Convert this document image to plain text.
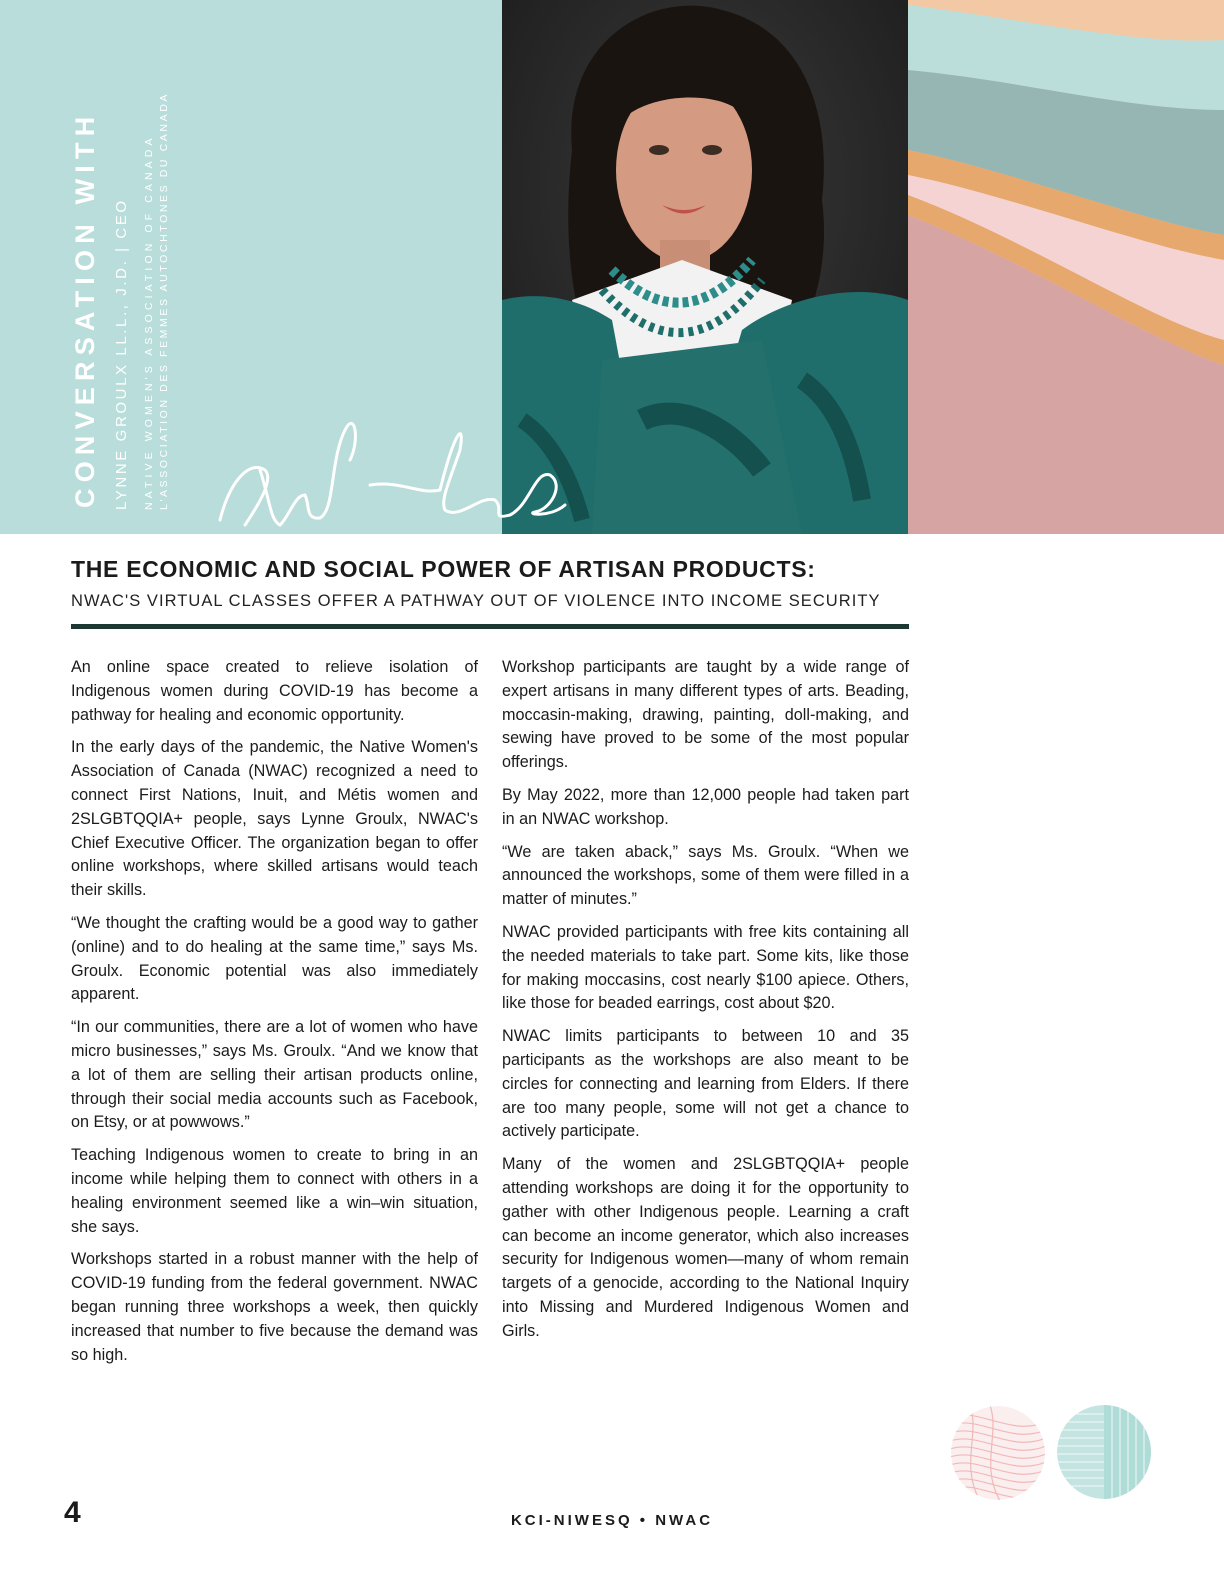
CONVERSATION WITH LYNNE GROULX LL.L., J.D. | CEO NATIVE WOMEN'S ASSOCIATION OF CANADA L'ASSOCIATION DES FEMMES AUTOCHTONES DU CANADA
THE ECONOMIC AND SOCIAL POWER OF ARTISAN PRODUCTS:
NWAC'S VIRTUAL CLASSES OFFER A PATHWAY OUT OF VIOLENCE INTO INCOME SECURITY

An online space created to relieve isolation of Indigenous women during COVID-19 has become a pathway for healing and economic opportunity.

In the early days of the pandemic, the Native Women's Association of Canada (NWAC) recognized a need to connect First Nations, Inuit, and Métis women and 2SLGBTQQIA+ people, says Lynne Groulx, NWAC's Chief Executive Officer. The organization began to offer online workshops, where skilled artisans would teach their skills.

“We thought the crafting would be a good way to gather (online) and to do healing at the same time,” says Ms. Groulx. Economic potential was also immediately apparent.

“In our communities, there are a lot of women who have micro businesses,” says Ms. Groulx. “And we know that a lot of them are selling their artisan products online, through their social media accounts such as Facebook, on Etsy, or at powwows.”

Teaching Indigenous women to create to bring in an income while helping them to connect with others in a healing environment seemed like a win–win situation, she says.

Workshops started in a robust manner with the help of COVID-19 funding from the federal government. NWAC began running three workshops a week, then quickly increased that number to five because the demand was so high.

Workshop participants are taught by a wide range of expert artisans in many different types of arts. Beading, moccasin-making, drawing, painting, doll-making, and sewing have proved to be some of the most popular offerings.

By May 2022, more than 12,000 people had taken part in an NWAC workshop.

“We are taken aback,” says Ms. Groulx. “When we announced the workshops, some of them were filled in a matter of minutes.”

NWAC provided participants with free kits containing all the needed materials to take part. Some kits, like those for making moccasins, cost nearly $100 apiece. Others, like those for beaded earrings, cost about $20.

NWAC limits participants to between 10 and 35 participants as the workshops are also meant to be circles for connecting and learning from Elders. If there are too many people, some will not get a chance to actively participate.

Many of the women and 2SLGBTQQIA+ people attending workshops are doing it for the opportunity to gather with other Indigenous people. Learning a craft can become an income generator, which also increases security for Indigenous women—many of whom remain targets of a genocide, according to the National Inquiry into Missing and Murdered Indigenous Women and Girls.

4	KCI-NIWESQ • NWAC
